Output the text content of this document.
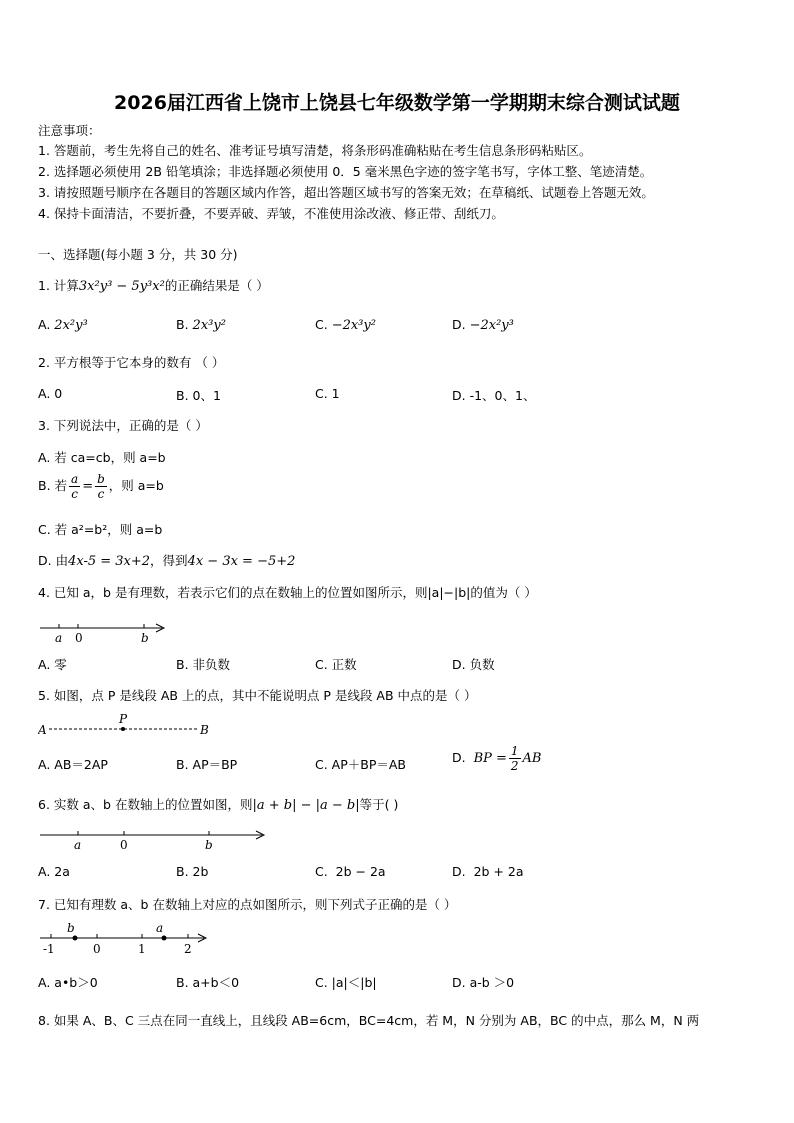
2026届江西省上饶市上饶县七年级数学第一学期期末综合测试试题
注意事项：
1. 答题前，考生先将自己的姓名、准考证号填写清楚，将条形码准确粘贴在考生信息条形码粘贴区。
2. 选择题必须使用 2B 铅笔填涂；非选择题必须使用 0．5 毫米黑色字迹的签字笔书写，字体工整、笔迹清楚。
3. 请按照题号顺序在各题目的答题区域内作答，超出答题区域书写的答案无效；在草稿纸、试题卷上答题无效。
4. 保持卡面清洁，不要折叠，不要弄破、弄皱，不准使用涂改液、修正带、刮纸刀。
一、选择题(每小题 3 分，共 30 分)
1. 计算3x²y³ − 5y³x²的正确结果是（ ）
A. 2x²y³	B. 2x³y²	C. −2x³y²	D. −2x²y³
2. 平方根等于它本身的数有 （ ）
A. 0	B. 0、1	C. 1	D. -1、0、1、
3. 下列说法中，正确的是（ ）
A. 若 ca=cb，则 a=b
B. 若 $\frac{a}{c} = \frac{b}{c}$ ，则 a=b
C. 若 a²=b²，则 a=b
D. 由4x-5 = 3x+2，得到4x − 3x = −5+2
4. 已知 a，b 是有理数，若表示它们的点在数轴上的位置如图所示，则|a|−|b|的值为（ ）
a 0	b
A. 零	B. 非负数	C. 正数	D. 负数
5. 如图，点 P 是线段 AB 上的点，其中不能说明点 P 是线段 AB 中点的是（ ）
A
P
B
A. AB＝2AP	B. AP＝BP	C. AP＋BP＝AB	D. BP = $\frac{1}{2}$ AB
6. 实数 a、b 在数轴上的位置如图，则|a + b| − |a − b|等于( )
a	0	b
A. 2a	B. 2b	C. 2b − 2a	D. 2b + 2a
7. 已知有理数 a、b 在数轴上对应的点如图所示，则下列式子正确的是（ ）
-1	0	1	2
b	a
A. a•b＞0	B. a+b＜0	C. |a|＜|b|	D. a-b ＞0
8. 如果 A、B、C 三点在同一直线上，且线段 AB=6cm，BC=4cm，若 M，N 分别为 AB，BC 的中点，那么 M，N 两
